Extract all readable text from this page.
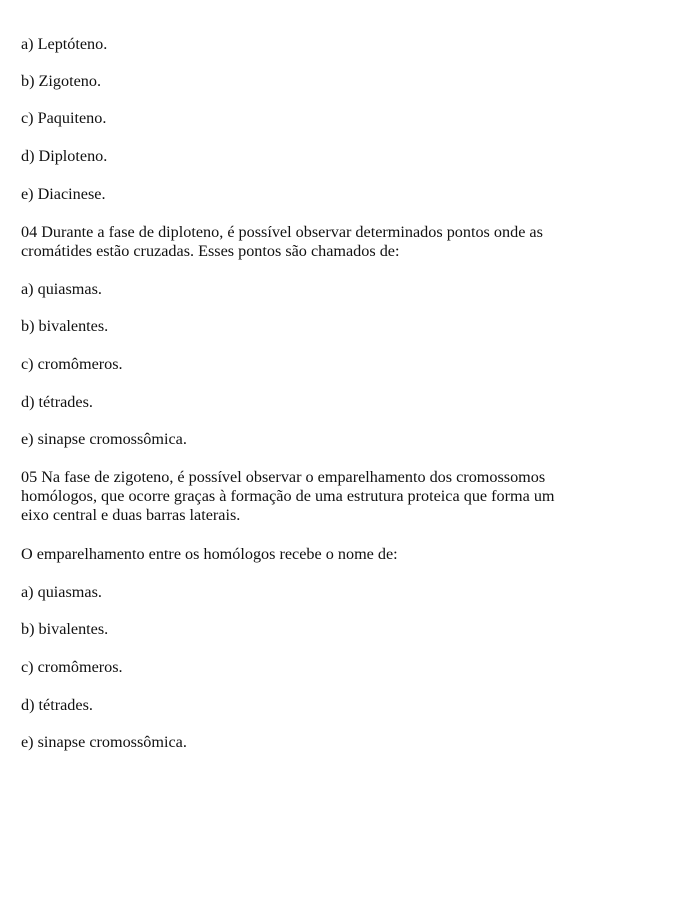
a) Leptóteno.
b) Zigoteno.
c) Paquiteno.
d) Diploteno.
e) Diacinese.
04 Durante a fase de diploteno, é possível observar determinados pontos onde as
cromátides estão cruzadas. Esses pontos são chamados de:
a) quiasmas.
b) bivalentes.
c) cromômeros.
d) tétrades.
e) sinapse cromossômica.
05 Na fase de zigoteno, é possível observar o emparelhamento dos cromossomos
homólogos, que ocorre graças à formação de uma estrutura proteica que forma um
eixo central e duas barras laterais.
O emparelhamento entre os homólogos recebe o nome de:
a) quiasmas.
b) bivalentes.
c) cromômeros.
d) tétrades.
e) sinapse cromossômica.
